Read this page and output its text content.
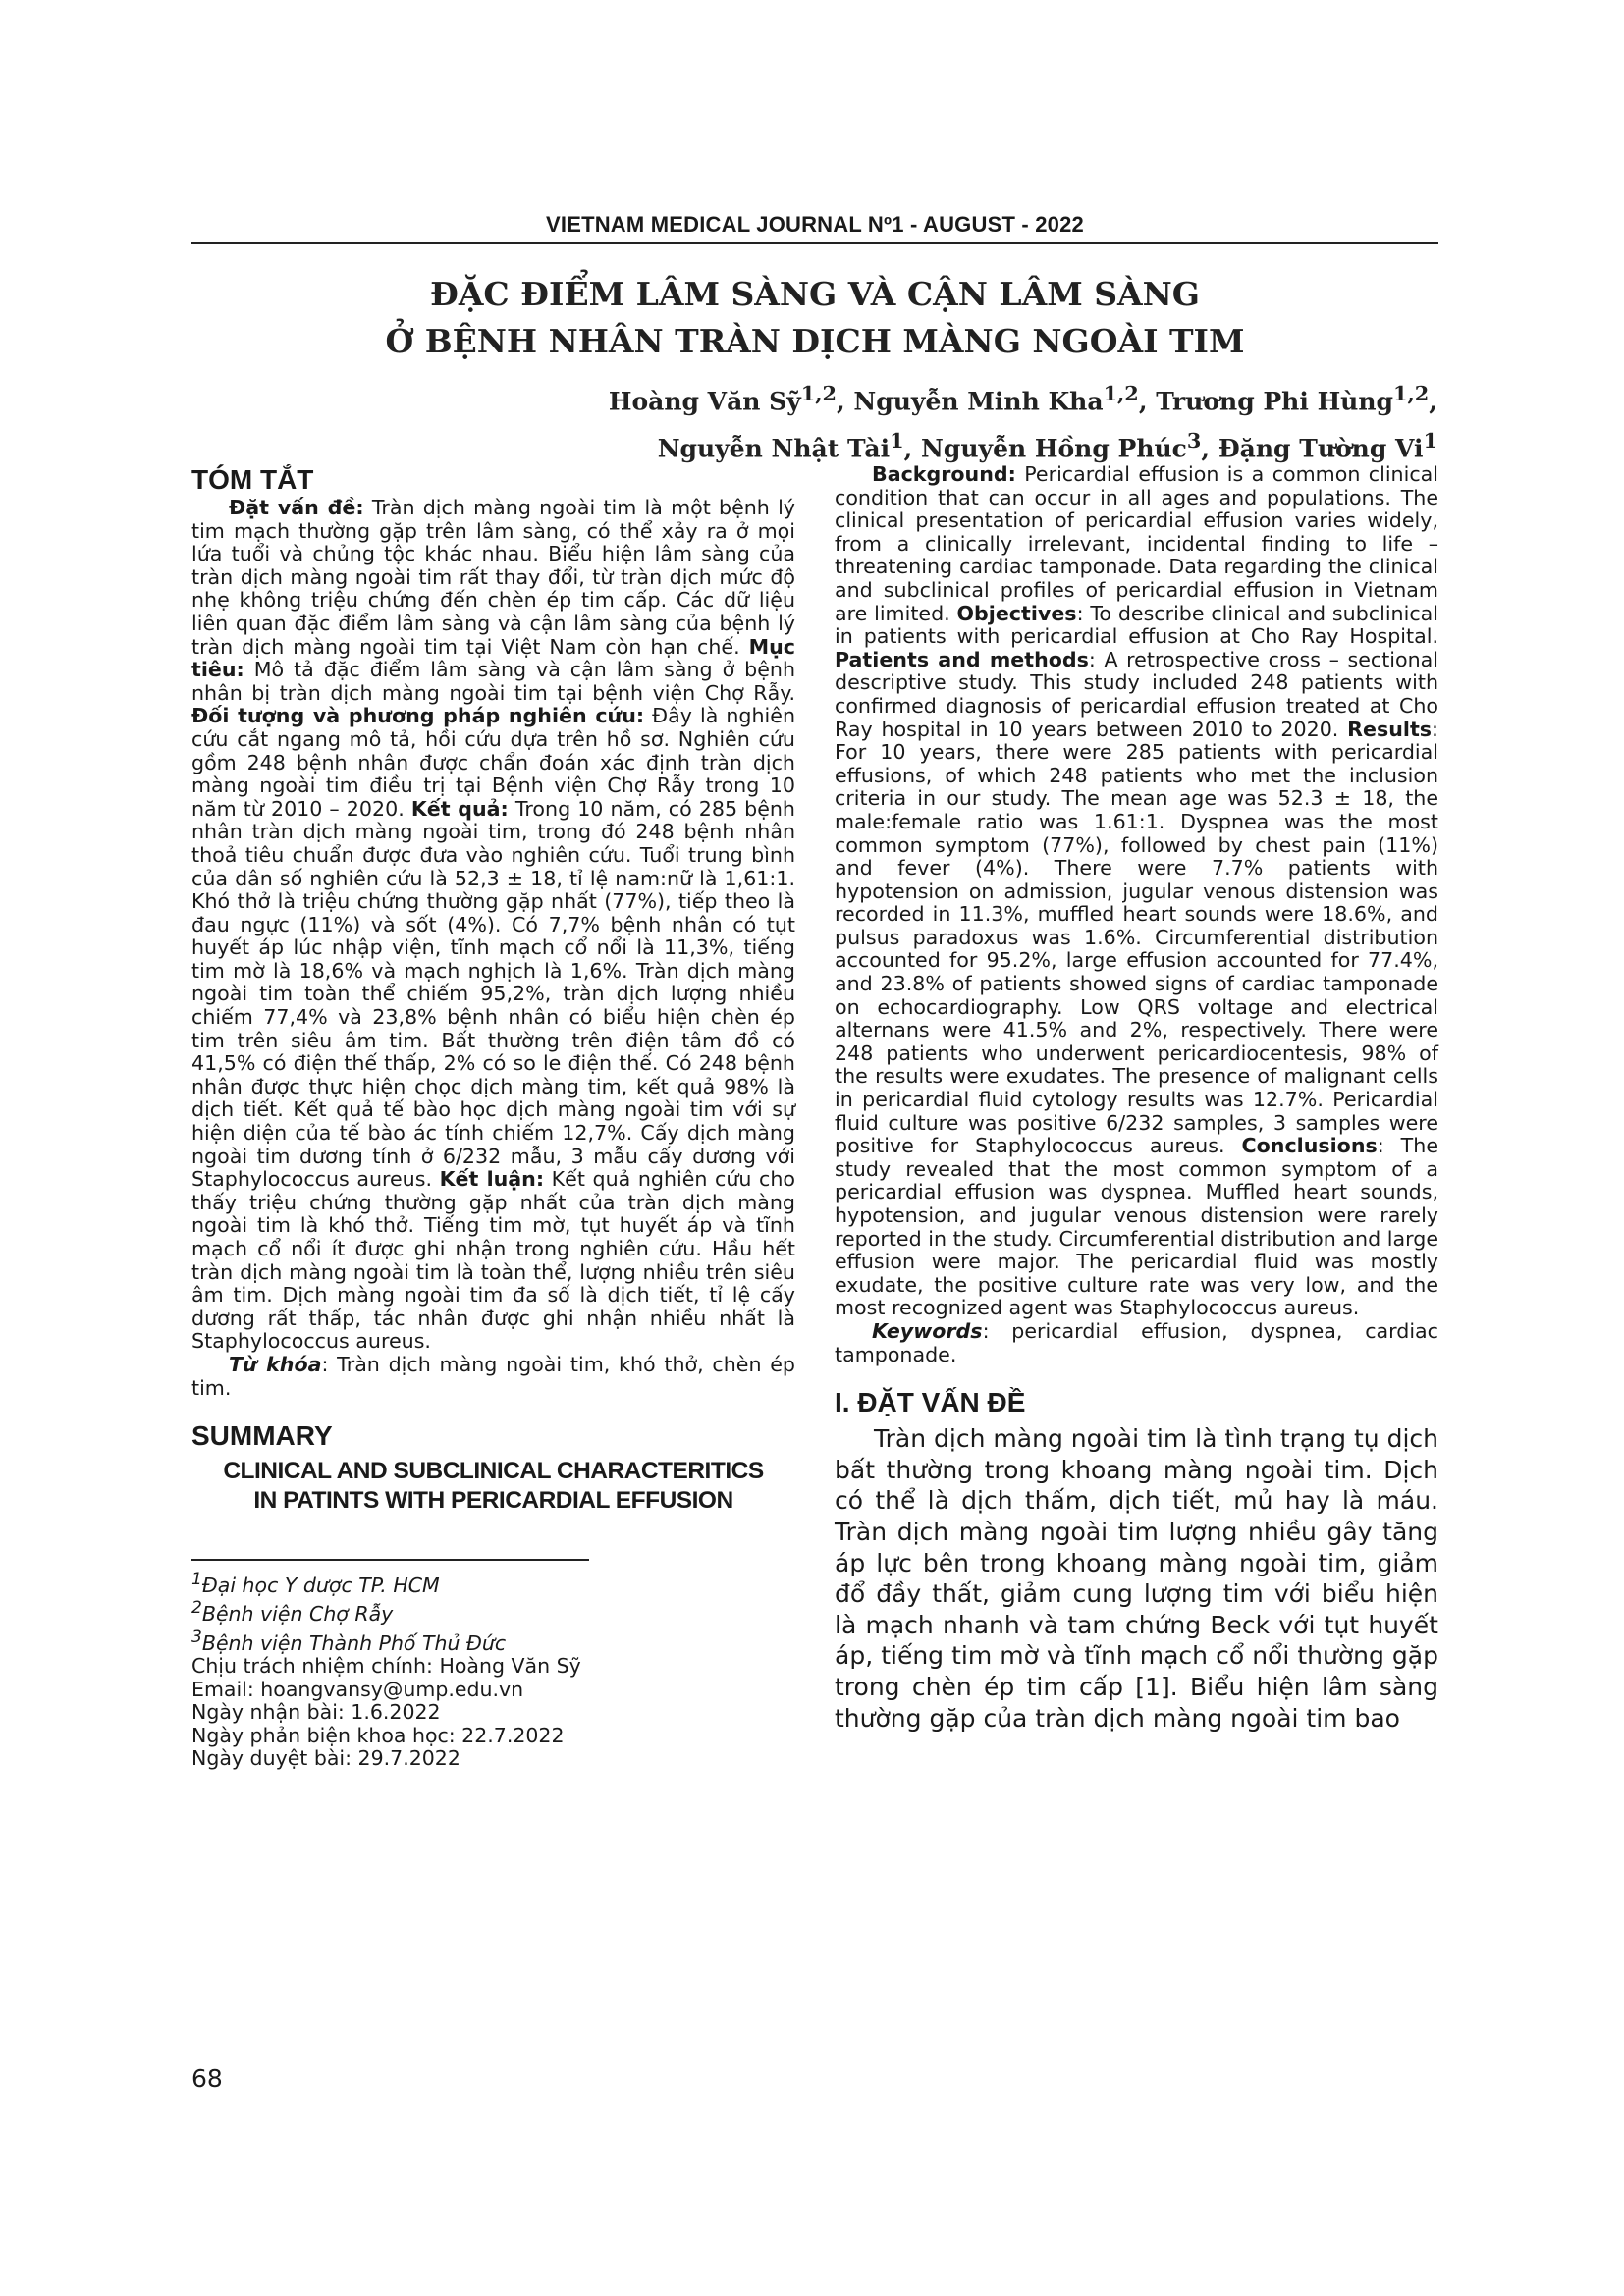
VIETNAM MEDICAL JOURNAL Nº1 - AUGUST - 2022
ĐẶC ĐIỂM LÂM SÀNG VÀ CẬN LÂM SÀNG
Ở BỆNH NHÂN TRÀN DỊCH MÀNG NGOÀI TIM
Hoàng Văn Sỹ$^{1,2}$, Nguyễn Minh Kha$^{1,2}$, Trương Phi Hùng$^{1,2}$,
Nguyễn Nhật Tài$^1$, Nguyễn Hồng Phúc$^3$, Đặng Tường Vi$^1$
TÓM TẮT

Đặt vấn đề: Tràn dịch màng ngoài tim là một bệnh lý tim mạch thường gặp trên lâm sàng, có thể xảy ra ở mọi lứa tuổi và chủng tộc khác nhau. Biểu hiện lâm sàng của tràn dịch màng ngoài tim rất thay đổi, từ tràn dịch mức độ nhẹ không triệu chứng đến chèn ép tim cấp. Các dữ liệu liên quan đặc điểm lâm sàng và cận lâm sàng của bệnh lý tràn dịch màng ngoài tim tại Việt Nam còn hạn chế. Mục tiêu: Mô tả đặc điểm lâm sàng và cận lâm sàng ở bệnh nhân bị tràn dịch màng ngoài tim tại bệnh viện Chợ Rẫy. Đối tượng và phương pháp nghiên cứu: Đây là nghiên cứu cắt ngang mô tả, hồi cứu dựa trên hồ sơ. Nghiên cứu gồm 248 bệnh nhân được chẩn đoán xác định tràn dịch màng ngoài tim điều trị tại Bệnh viện Chợ Rẫy trong 10 năm từ 2010 – 2020. Kết quả: Trong 10 năm, có 285 bệnh nhân tràn dịch màng ngoài tim, trong đó 248 bệnh nhân thoả tiêu chuẩn được đưa vào nghiên cứu. Tuổi trung bình của dân số nghiên cứu là 52,3 ± 18, tỉ lệ nam:nữ là 1,61:1. Khó thở là triệu chứng thường gặp nhất (77%), tiếp theo là đau ngực (11%) và sốt (4%). Có 7,7% bệnh nhân có tụt huyết áp lúc nhập viện, tĩnh mạch cổ nổi là 11,3%, tiếng tim mờ là 18,6% và mạch nghịch là 1,6%. Tràn dịch màng ngoài tim toàn thể chiếm 95,2%, tràn dịch lượng nhiều chiếm 77,4% và 23,8% bệnh nhân có biểu hiện chèn ép tim trên siêu âm tim. Bất thường trên điện tâm đồ có 41,5% có điện thế thấp, 2% có so le điện thế. Có 248 bệnh nhân được thực hiện chọc dịch màng tim, kết quả 98% là dịch tiết. Kết quả tế bào học dịch màng ngoài tim với sự hiện diện của tế bào ác tính chiếm 12,7%. Cấy dịch màng ngoài tim dương tính ở 6/232 mẫu, 3 mẫu cấy dương với Staphylococcus aureus. Kết luận: Kết quả nghiên cứu cho thấy triệu chứng thường gặp nhất của tràn dịch màng ngoài tim là khó thở. Tiếng tim mờ, tụt huyết áp và tĩnh mạch cổ nổi ít được ghi nhận trong nghiên cứu. Hầu hết tràn dịch màng ngoài tim là toàn thể, lượng nhiều trên siêu âm tim. Dịch màng ngoài tim đa số là dịch tiết, tỉ lệ cấy dương rất thấp, tác nhân được ghi nhận nhiều nhất là Staphylococcus aureus.

Từ khóa: Tràn dịch màng ngoài tim, khó thở, chèn ép tim.

SUMMARY
CLINICAL AND SUBCLINICAL CHARACTERITICS
IN PATINTS WITH PERICARDIAL EFFUSION
$^1$Đại học Y dược TP. HCM
$^2$Bệnh viện Chợ Rẫy
$^3$Bệnh viện Thành Phố Thủ Đức
Chịu trách nhiệm chính: Hoàng Văn Sỹ
Email: hoangvansy@ump.edu.vn
Ngày nhận bài: 1.6.2022
Ngày phản biện khoa học: 22.7.2022
Ngày duyệt bài: 29.7.2022
68

Background: Pericardial effusion is a common clinical condition that can occur in all ages and populations. The clinical presentation of pericardial effusion varies widely, from a clinically irrelevant, incidental finding to life – threatening cardiac tamponade. Data regarding the clinical and subclinical profiles of pericardial effusion in Vietnam are limited. Objectives: To describe clinical and subclinical in patients with pericardial effusion at Cho Ray Hospital. Patients and methods: A retrospective cross – sectional descriptive study. This study included 248 patients with confirmed diagnosis of pericardial effusion treated at Cho Ray hospital in 10 years between 2010 to 2020. Results: For 10 years, there were 285 patients with pericardial effusions, of which 248 patients who met the inclusion criteria in our study. The mean age was 52.3 ± 18, the male:female ratio was 1.61:1. Dyspnea was the most common symptom (77%), followed by chest pain (11%) and fever (4%). There were 7.7% patients with hypotension on admission, jugular venous distension was recorded in 11.3%, muffled heart sounds were 18.6%, and pulsus paradoxus was 1.6%. Circumferential distribution accounted for 95.2%, large effusion accounted for 77.4%, and 23.8% of patients showed signs of cardiac tamponade on echocardiography. Low QRS voltage and electrical alternans were 41.5% and 2%, respectively. There were 248 patients who underwent pericardiocentesis, 98% of the results were exudates. The presence of malignant cells in pericardial fluid cytology results was 12.7%. Pericardial fluid culture was positive 6/232 samples, 3 samples were positive for Staphylococcus aureus. Conclusions: The study revealed that the most common symptom of a pericardial effusion was dyspnea. Muffled heart sounds, hypotension, and jugular venous distension were rarely reported in the study. Circumferential distribution and large effusion were major. The pericardial fluid was mostly exudate, the positive culture rate was very low, and the most recognized agent was Staphylococcus aureus.

Keywords: pericardial effusion, dyspnea, cardiac tamponade.

I. ĐẶT VẤN ĐỀ

Tràn dịch màng ngoài tim là tình trạng tụ dịch bất thường trong khoang màng ngoài tim. Dịch có thể là dịch thấm, dịch tiết, mủ hay là máu. Tràn dịch màng ngoài tim lượng nhiều gây tăng áp lực bên trong khoang màng ngoài tim, giảm đổ đầy thất, giảm cung lượng tim với biểu hiện là mạch nhanh và tam chứng Beck với tụt huyết áp, tiếng tim mờ và tĩnh mạch cổ nổi thường gặp trong chèn ép tim cấp [1]. Biểu hiện lâm sàng thường gặp của tràn dịch màng ngoài tim bao
